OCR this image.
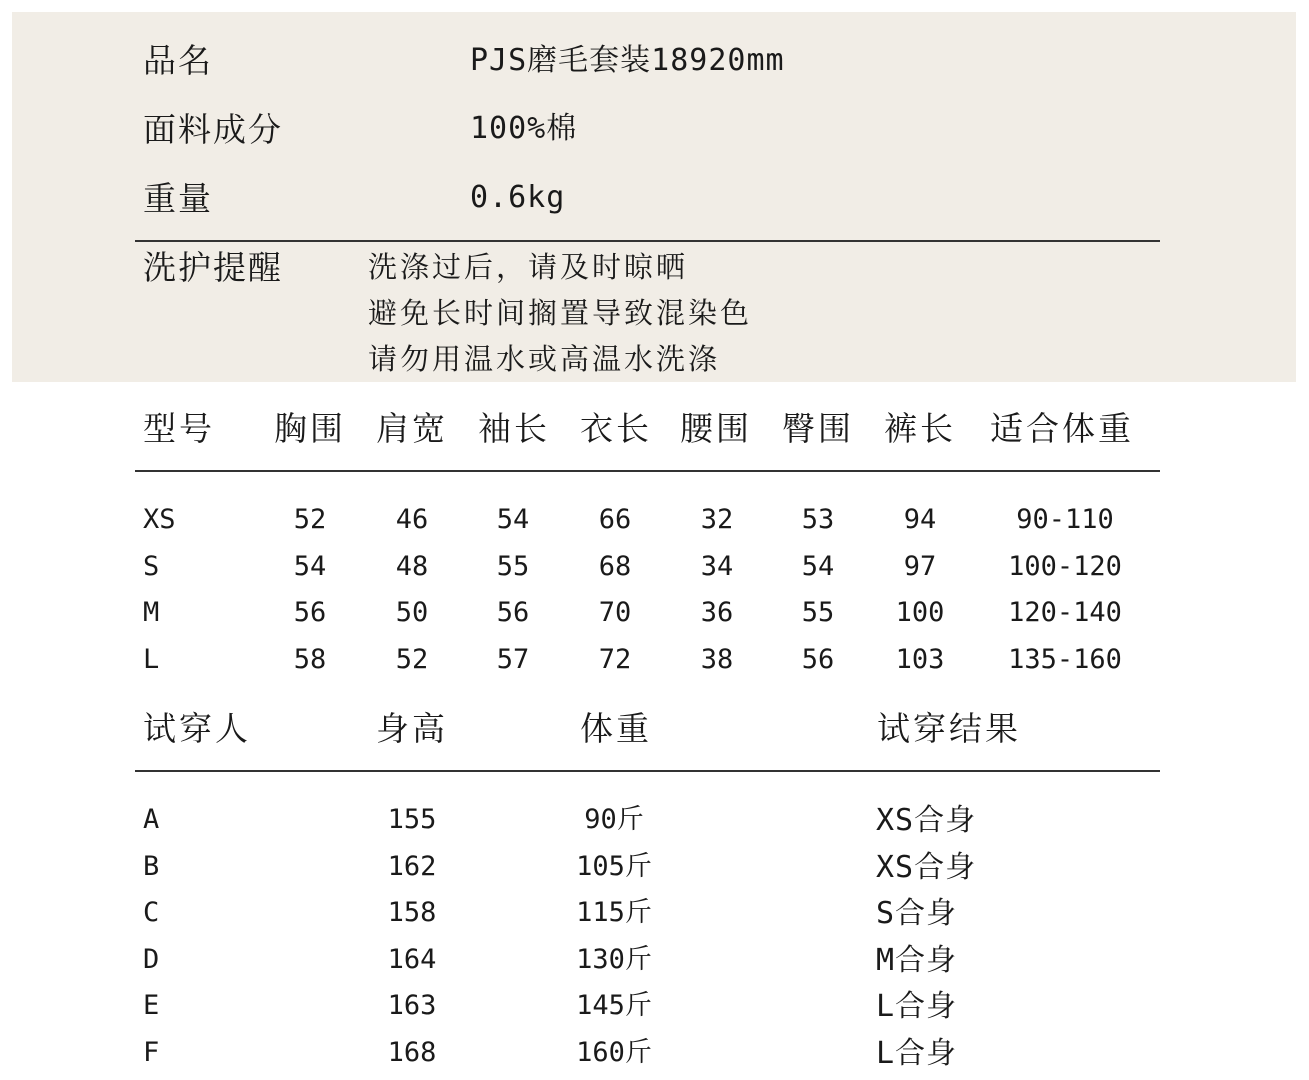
品名	PJS磨毛套装18920mm
面料成分	100%棉
重量	0.6kg
洗护提醒	洗涤过后，请及时晾晒
避免长时间搁置导致混染色
请勿用温水或高温水洗涤
型号 胸围 肩宽 袖长 衣长 腰围 臀围 裤长 适合体重
XS	52	46	54	66	32	53	94	90-110
S	54	48	55	68	34	54	97	100-120
M	56	50	56	70	36	55 100 120-140
L	58	52	57	72	38	56 103 135-160
试穿人	身高	体重	试穿结果
A	155	90斤	XS合身
B	162	105斤	XS合身
C	158	115斤	S合身
D	164	130斤	M合身
E	163	145斤	L合身
F	168	160斤	L合身
